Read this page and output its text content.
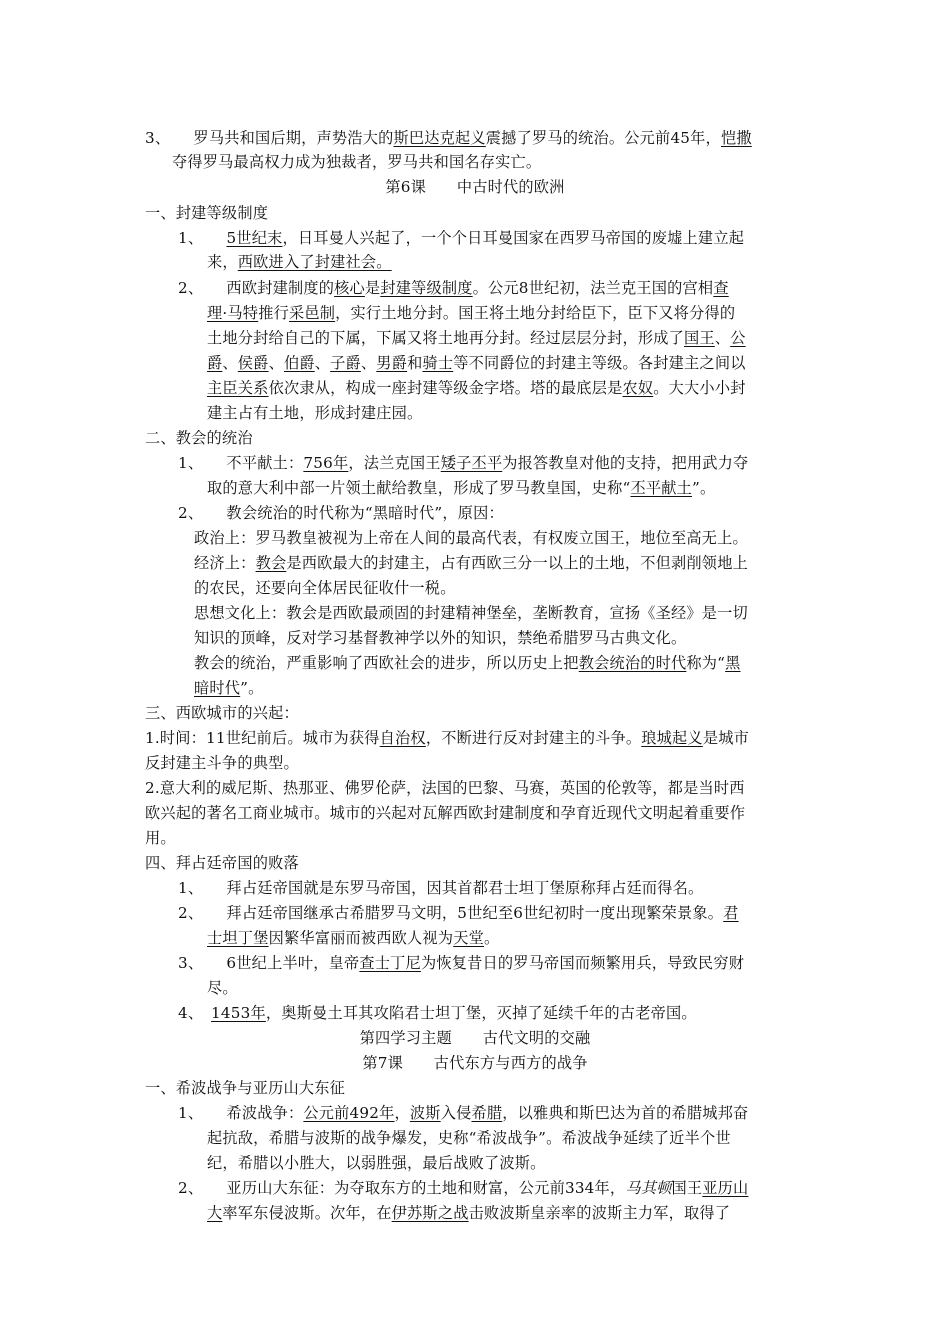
3、　　罗马共和国后期，声势浩大的斯巴达克起义震撼了罗马的统治。公元前45年，恺撒
夺得罗马最高权力成为独裁者，罗马共和国名存实亡。
第6课　　中古时代的欧洲
一、封建等级制度
1、　　5世纪末，日耳曼人兴起了，一个个日耳曼国家在西罗马帝国的废墟上建立起
来，西欧进入了封建社会。
2、　　西欧封建制度的核心是封建等级制度。公元8世纪初，法兰克王国的宫相查
理·马特推行采邑制，实行土地分封。国王将土地分封给臣下，臣下又将分得的
土地分封给自己的下属，下属又将土地再分封。经过层层分封，形成了国王、公
爵、侯爵、伯爵、子爵、男爵和骑士等不同爵位的封建主等级。各封建主之间以
主臣关系依次隶从，构成一座封建等级金字塔。塔的最底层是农奴。大大小小封
建主占有土地，形成封建庄园。
二、教会的统治
1、　　不平献土：756年，法兰克国王矮子丕平为报答教皇对他的支持，把用武力夺
取的意大利中部一片领土献给教皇，形成了罗马教皇国，史称“丕平献土”。
2、　　教会统治的时代称为“黑暗时代”，原因：
政治上：罗马教皇被视为上帝在人间的最高代表，有权废立国王，地位至高无上。
经济上：教会是西欧最大的封建主，占有西欧三分一以上的土地，不但剥削领地上
的农民，还要向全体居民征收什一税。
思想文化上：教会是西欧最顽固的封建精神堡垒，垄断教育，宣扬《圣经》是一切
知识的顶峰，反对学习基督教神学以外的知识，禁绝希腊罗马古典文化。
教会的统治，严重影响了西欧社会的进步，所以历史上把教会统治的时代称为“黑
暗时代”。
三、西欧城市的兴起：
1.时间：11世纪前后。城市为获得自治权，不断进行反对封建主的斗争。琅城起义是城市
反封建主斗争的典型。
2.意大利的威尼斯、热那亚、佛罗伦萨，法国的巴黎、马赛，英国的伦敦等，都是当时西
欧兴起的著名工商业城市。城市的兴起对瓦解西欧封建制度和孕育近现代文明起着重要作
用。
四、拜占廷帝国的败落
1、　　拜占廷帝国就是东罗马帝国，因其首都君士坦丁堡原称拜占廷而得名。
2、　　拜占廷帝国继承古希腊罗马文明，5世纪至6世纪初时一度出现繁荣景象。君
士坦丁堡因繁华富丽而被西欧人视为天堂。
3、　　6世纪上半叶，皇帝查士丁尼为恢复昔日的罗马帝国而频繁用兵，导致民穷财
尽。
4、　1453年，奥斯曼土耳其攻陷君士坦丁堡，灭掉了延续千年的古老帝国。
第四学习主题　　古代文明的交融
第7课　　古代东方与西方的战争
一、希波战争与亚历山大东征
1、　　希波战争：公元前492年，波斯入侵希腊，以雅典和斯巴达为首的希腊城邦奋
起抗敌，希腊与波斯的战争爆发，史称“希波战争”。希波战争延续了近半个世
纪，希腊以小胜大，以弱胜强，最后战败了波斯。
2、　　亚历山大东征：为夺取东方的土地和财富，公元前334年，马其顿国王亚历山
大率军东侵波斯。次年，在伊苏斯之战击败波斯皇亲率的波斯主力军，取得了
